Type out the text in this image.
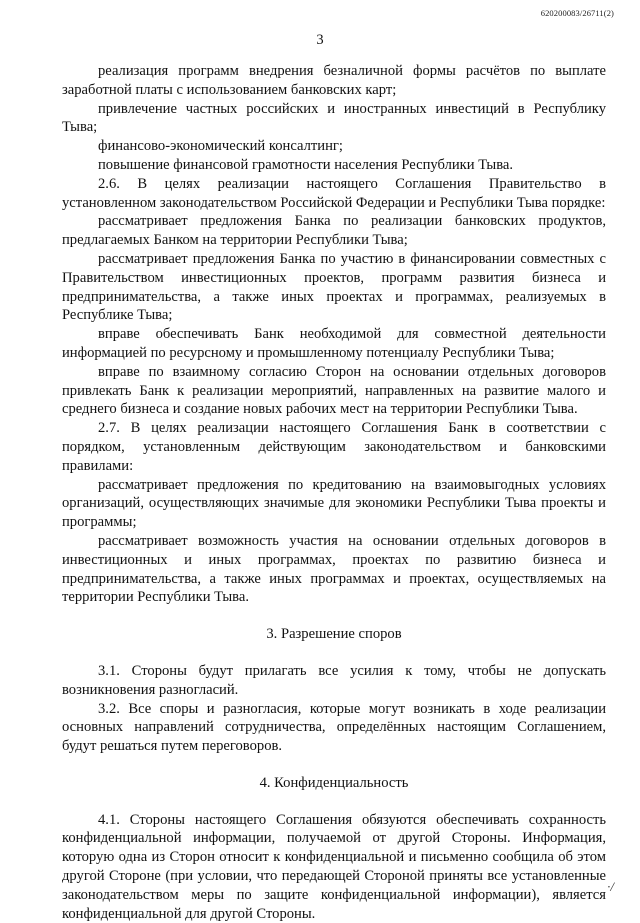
620200083/26711(2)
3

реализация программ внедрения безналичной формы расчётов по выплате заработной платы с использованием банковских карт;

привлечение частных российских и иностранных инвестиций в Республику Тыва;

финансово-экономический консалтинг;

повышение финансовой грамотности населения Республики Тыва.

2.6. В целях реализации настоящего Соглашения Правительство в установленном законодательством Российской Федерации и Республики Тыва порядке:

рассматривает предложения Банка по реализации банковских продуктов, предлагаемых Банком на территории Республики Тыва;

рассматривает предложения Банка по участию в финансировании совместных с Правительством инвестиционных проектов, программ развития бизнеса и предпринимательства, а также иных проектах и программах, реализуемых в Республике Тыва;

вправе обеспечивать Банк необходимой для совместной деятельности информацией по ресурсному и промышленному потенциалу Республики Тыва;

вправе по взаимному согласию Сторон на основании отдельных договоров привлекать Банк к реализации мероприятий, направленных на развитие малого и среднего бизнеса и создание новых рабочих мест на территории Республики Тыва.

2.7. В целях реализации настоящего Соглашения Банк в соответствии с порядком, установленным действующим законодательством и банковскими правилами:

рассматривает предложения по кредитованию на взаимовыгодных условиях организаций, осуществляющих значимые для экономики Республики Тыва проекты и программы;

рассматривает возможность участия на основании отдельных договоров в инвестиционных и иных программах, проектах по развитию бизнеса и предпринимательства, а также иных программах и проектах, осуществляемых на территории Республики Тыва.

3. Разрешение споров

3.1. Стороны будут прилагать все усилия к тому, чтобы не допускать возникновения разногласий.

3.2. Все споры и разногласия, которые могут возникать в ходе реализации основных направлений сотрудничества, определённых настоящим Соглашением, будут решаться путем переговоров.

4. Конфиденциальность

4.1. Стороны настоящего Соглашения обязуются обеспечивать сохранность конфиденциальной информации, получаемой от другой Стороны. Информация, которую одна из Сторон относит к конфиденциальной и письменно сообщила об этом другой Стороне (при условии, что передающей Стороной приняты все установленные законодательством меры по защите конфиденциальной информации), является конфиденциальной для другой Стороны.

·/
